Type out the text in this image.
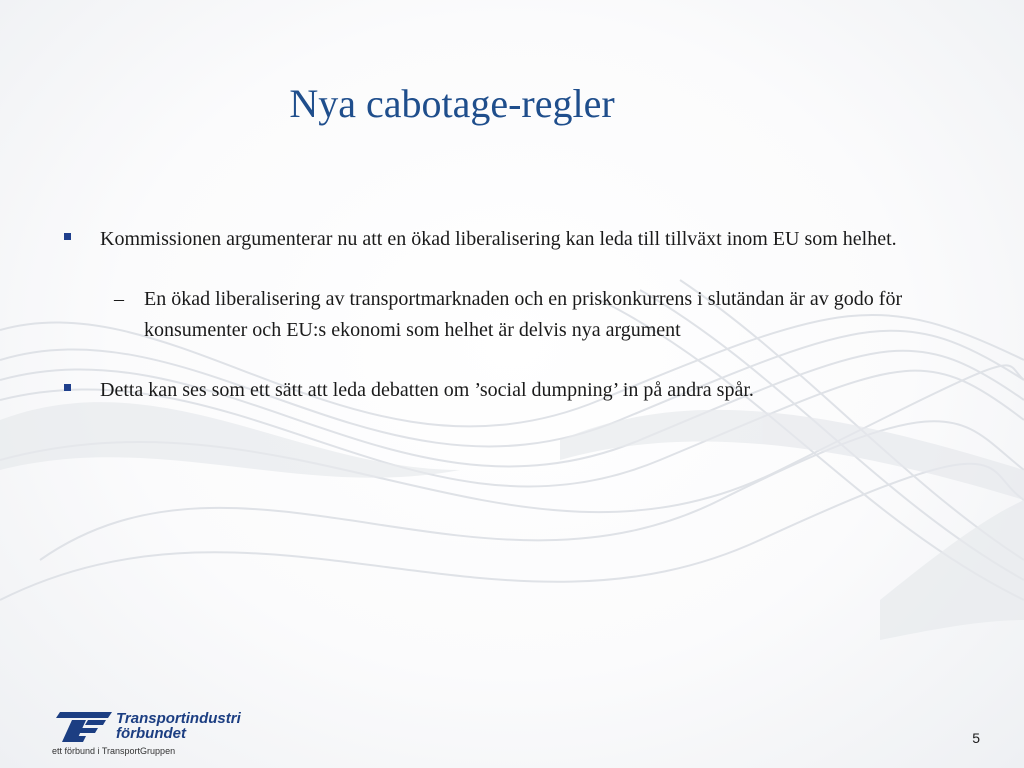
Nya cabotage-regler
Kommissionen argumenterar nu att en ökad liberalisering kan leda till tillväxt inom EU som helhet.
– En ökad liberalisering av transportmarknaden och en priskonkurrens i slutändan är av godo för konsumenter och EU:s ekonomi som helhet är delvis nya argument
Detta kan ses som ett sätt att leda debatten om ’social dumpning’ in på andra spår.
Transportindustri
förbundet
ett förbund i TransportGruppen
5
